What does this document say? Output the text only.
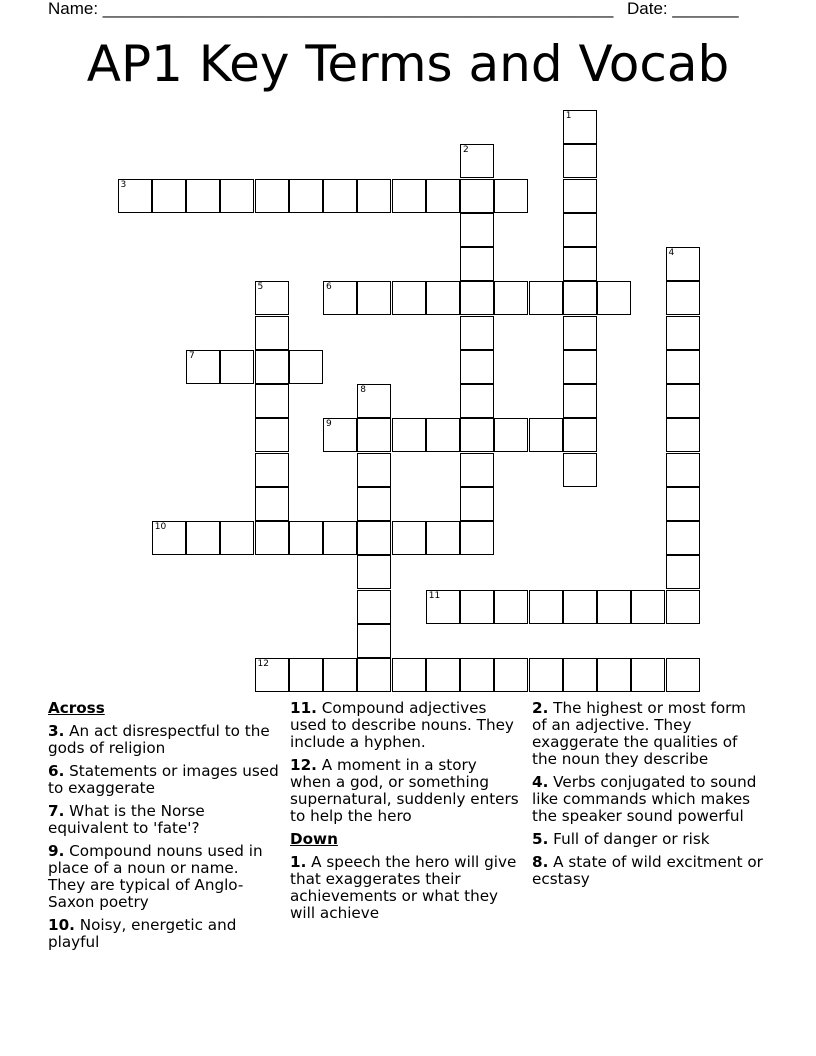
Name: ______________________________________________________ Date: _______
AP1 Key Terms and Vocab
1
2
3
4
5	6
7
8
9
10
11
12
Across
3. An act disrespectful to the gods of religion
6. Statements or images used to exaggerate
7. What is the Norse equivalent to 'fate'?
9. Compound nouns used in place of a noun or name. They are typical of Anglo-Saxon poetry
10. Noisy, energetic and playful
11. Compound adjectives used to describe nouns. They include a hyphen.
12. A moment in a story when a god, or something supernatural, suddenly enters to help the hero
Down
1. A speech the hero will give that exaggerates their achievements or what they will achieve
2. The highest or most form of an adjective. They exaggerate the qualities of the noun they describe
4. Verbs conjugated to sound like commands which makes the speaker sound powerful
5. Full of danger or risk
8. A state of wild excitment or ecstasy
